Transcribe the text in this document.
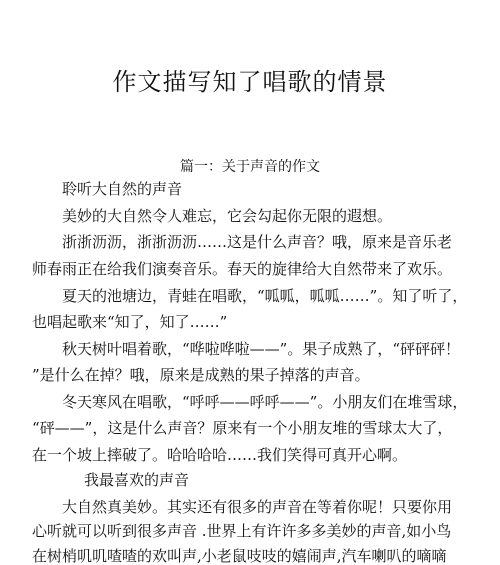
作文描写知了唱歌的情景
篇一：关于声音的作文

聆听大自然的声音

美妙的大自然令人难忘，它会勾起你无限的遐想。

浙浙沥沥，浙浙沥沥……这是什么声音？哦，原来是音乐老

师春雨正在给我们演奏音乐。春天的旋律给大自然带来了欢乐。

夏天的池塘边，青蛙在唱歌，“呱呱，呱呱……”。知了听了，

也唱起歌来“知了，知了……”

秋天树叶唱着歌，“哗啦哗啦——”。果子成熟了，“砰砰砰！

”是什么在掉？哦，原来是成熟的果子掉落的声音。

冬天寒风在唱歌，“呼呼——呼呼——”。小朋友们在堆雪球，

“砰——”，这是什么声音？原来有一个小朋友堆的雪球太大了，

在一个坡上摔破了。哈哈哈哈……我们笑得可真开心啊。

我最喜欢的声音

大自然真美妙。其实还有很多的声音在等着你呢！只要你用

心听就可以听到很多声音 .世界上有许许多多美妙的声音,如小鸟

在树梢叽叽喳喳的欢叫声,小老鼠吱吱的嬉闹声,汽车喇叭的嘀嘀
